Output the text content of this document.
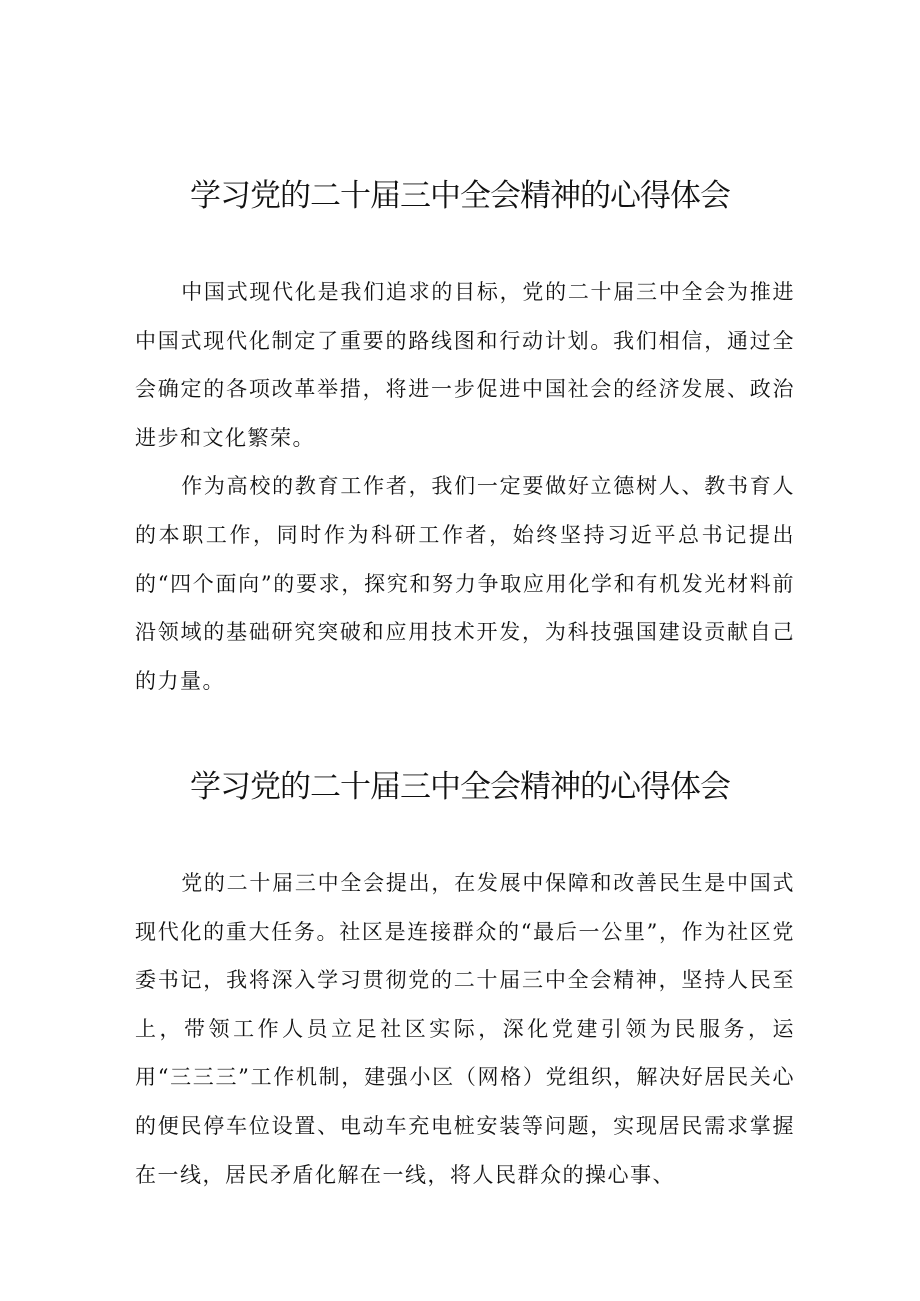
学习党的二十届三中全会精神的心得体会

中国式现代化是我们追求的目标，党的二十届三中全会为推进中国式现代化制定了重要的路线图和行动计划。我们相信，通过全会确定的各项改革举措，将进一步促进中国社会的经济发展、政治进步和文化繁荣。

作为高校的教育工作者，我们一定要做好立德树人、教书育人的本职工作，同时作为科研工作者，始终坚持习近平总书记提出的“四个面向”的要求，探究和努力争取应用化学和有机发光材料前沿领域的基础研究突破和应用技术开发，为科技强国建设贡献自己的力量。

学习党的二十届三中全会精神的心得体会

党的二十届三中全会提出，在发展中保障和改善民生是中国式现代化的重大任务。社区是连接群众的“最后一公里”，作为社区党委书记，我将深入学习贯彻党的二十届三中全会精神，坚持人民至上，带领工作人员立足社区实际，深化党建引领为民服务，运用“三三三”工作机制，建强小区（网格）党组织，解决好居民关心的便民停车位设置、电动车充电桩安装等问题，实现居民需求掌握在一线，居民矛盾化解在一线，将人民群众的操心事、
